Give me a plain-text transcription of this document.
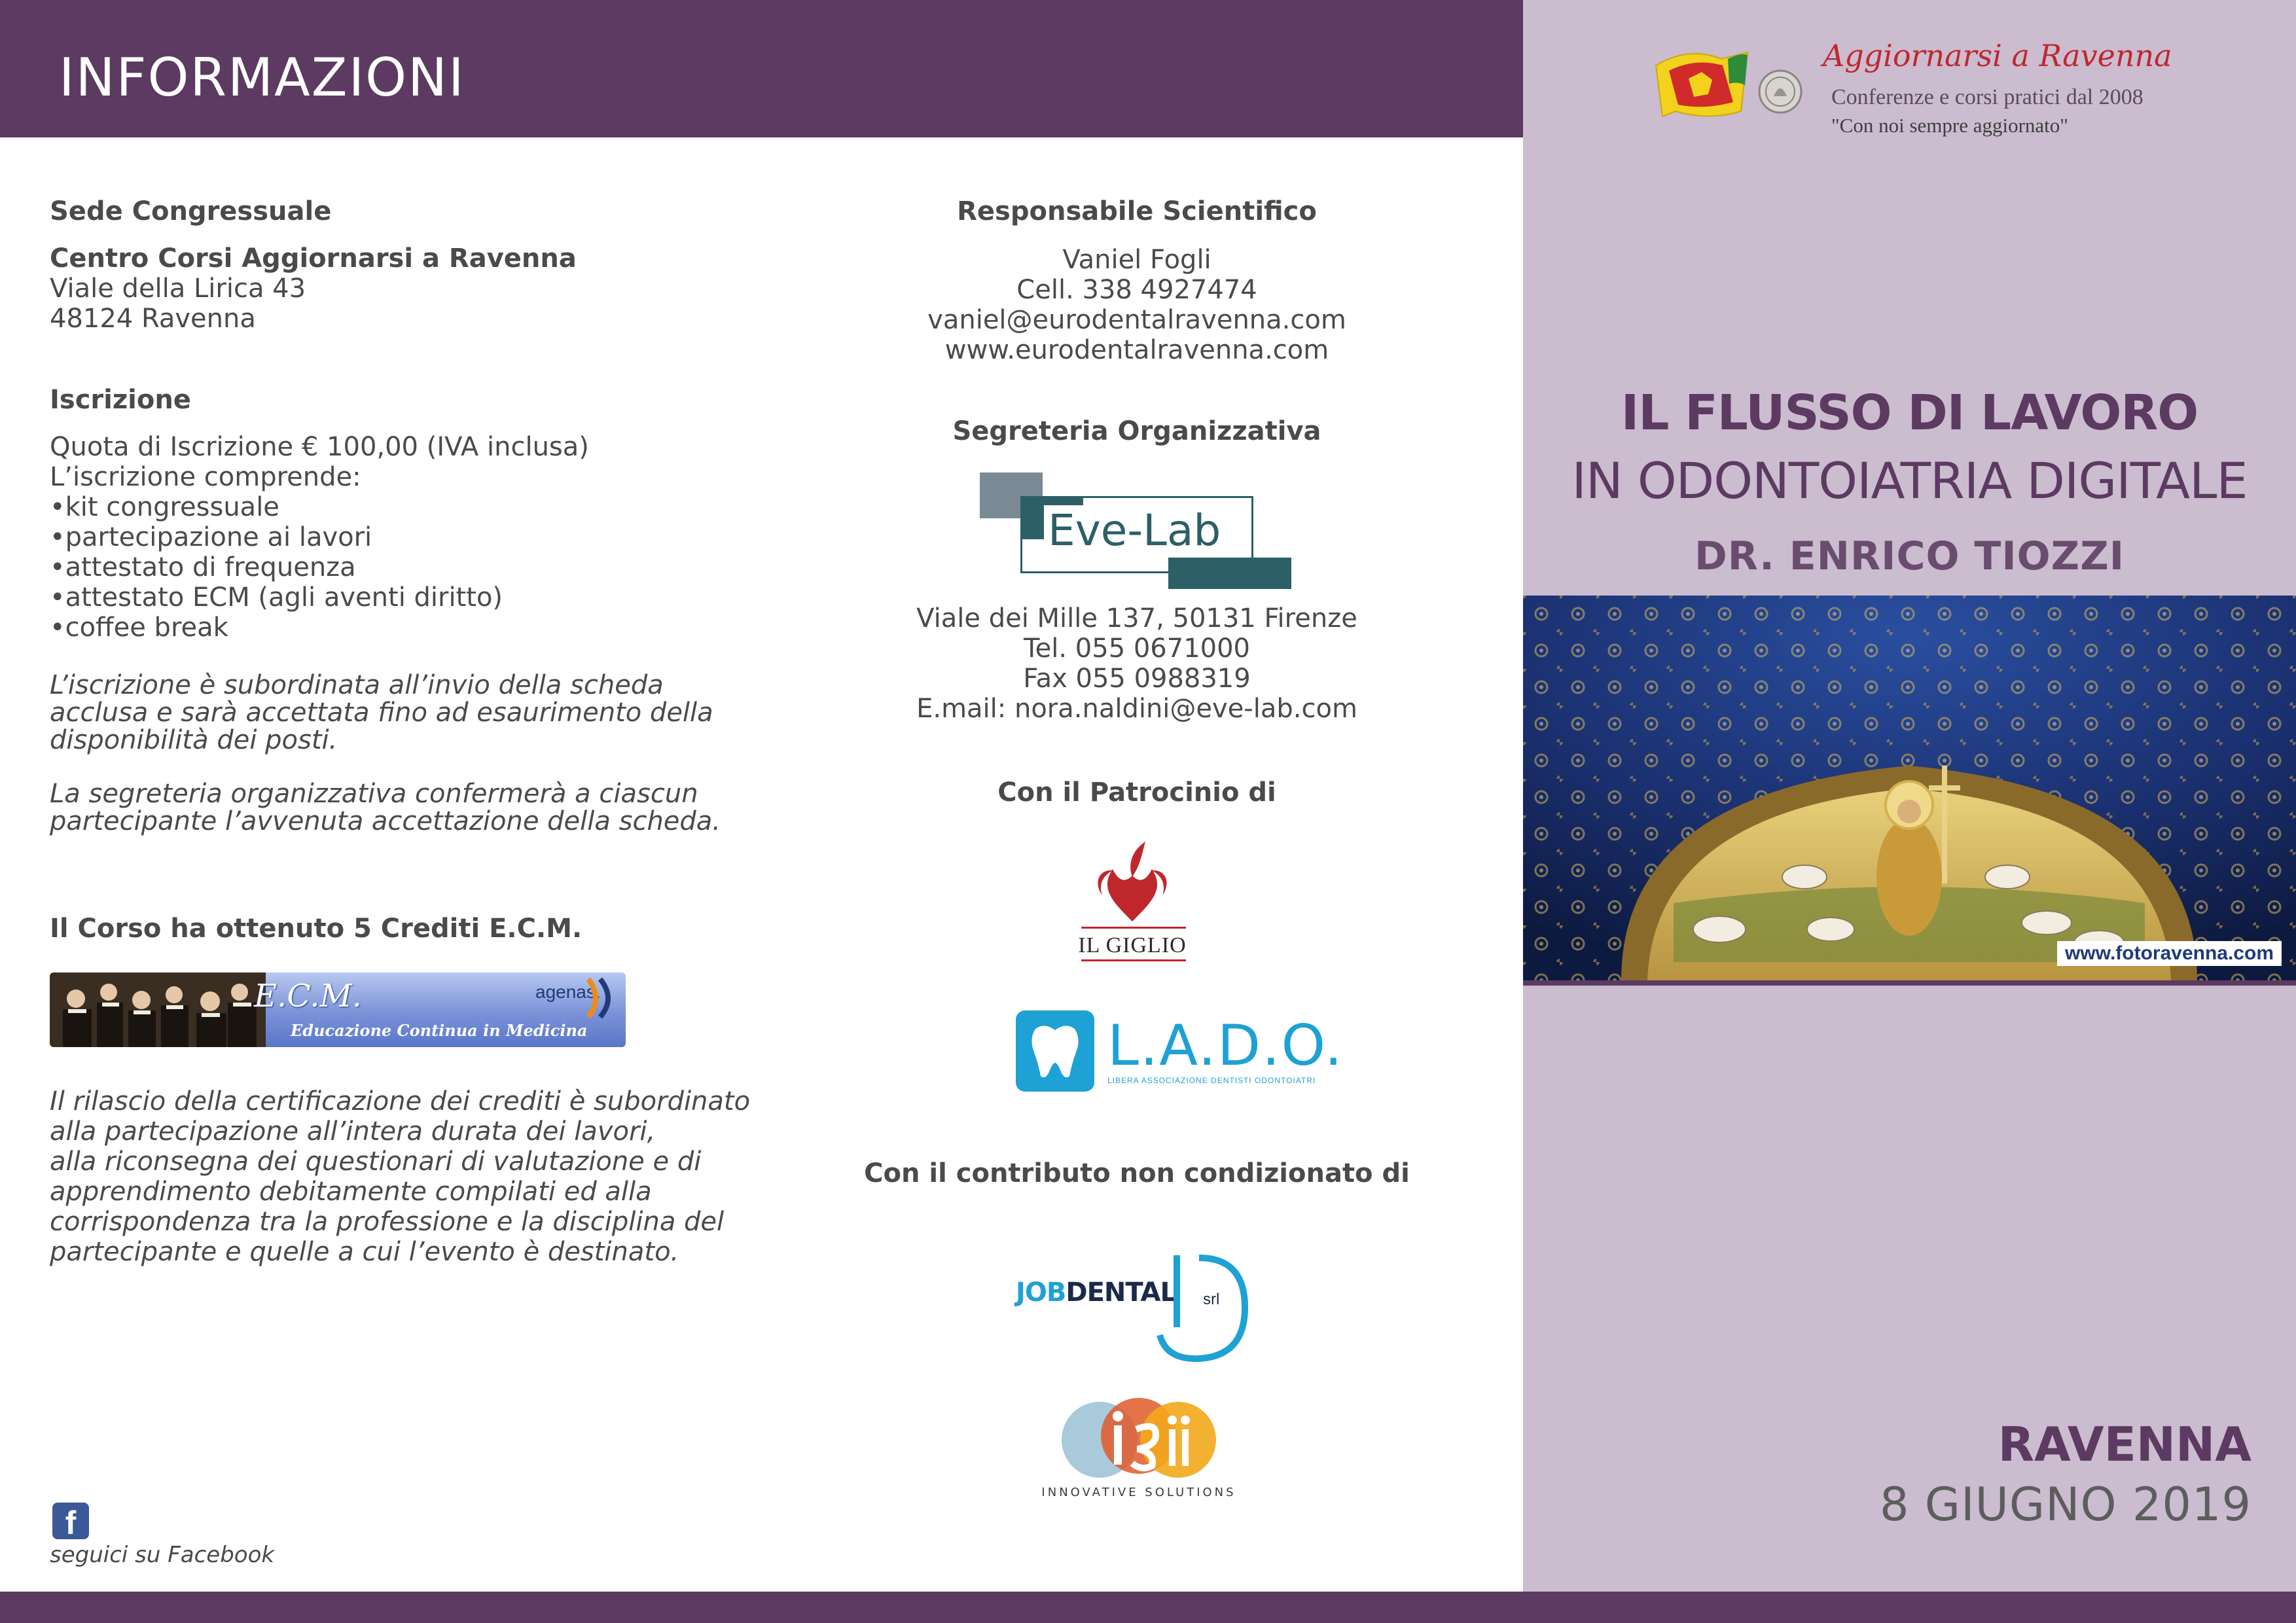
INFORMAZIONI	Aggiornarsi a Ravenna
Conferenze e corsi pratici dal 2008
"Con noi sempre aggiornato"
IL FLUSSO DI LAVORO
IN ODONTOIATRIA DIGITALE
DR. ENRICO TIOZZI
www.fotoravenna.com
RAVENNA
8 GIUGNO 2019
Sede Congressuale
Centro Corsi Aggiornarsi a Ravenna
Viale della Lirica 43
48124 Ravenna
Iscrizione
Quota di Iscrizione € 100,00 (IVA inclusa)
L’iscrizione comprende:
•kit congressuale
•partecipazione ai lavori
•attestato di frequenza
•attestato ECM (agli aventi diritto)
•coffee break
L’iscrizione è subordinata all’invio della scheda
acclusa e sarà accettata fino ad esaurimento della
disponibilità dei posti.
La segreteria organizzativa confermerà a ciascun
partecipante l’avvenuta accettazione della scheda.
Il Corso ha ottenuto 5 Crediti E.C.M.
E.C.M.
Educazione Continua in Medicina
agenas.
Il rilascio della certificazione dei crediti è subordinato
alla partecipazione all’intera durata dei lavori,
alla riconsegna dei questionari di valutazione e di
apprendimento debitamente compilati ed alla
corrispondenza tra la professione e la disciplina del
partecipante e quelle a cui l’evento è destinato.
f
seguici su Facebook
Responsabile Scientifico
Vaniel Fogli
Cell. 338 4927474
vaniel@eurodentalravenna.com
www.eurodentalravenna.com
Segreteria Organizzativa
Eve-Lab
Viale dei Mille 137, 50131 Firenze
Tel. 055 0671000
Fax 055 0988319
E.mail: nora.naldini@eve-lab.com
Con il Patrocinio di
IL GIGLIO
L.A.D.O.
LIBERA ASSOCIAZIONE DENTISTI ODONTOIATRI
Con il contributo non condizionato di
JOBDENTAL srl
INNOVATIVE SOLUTIONS
